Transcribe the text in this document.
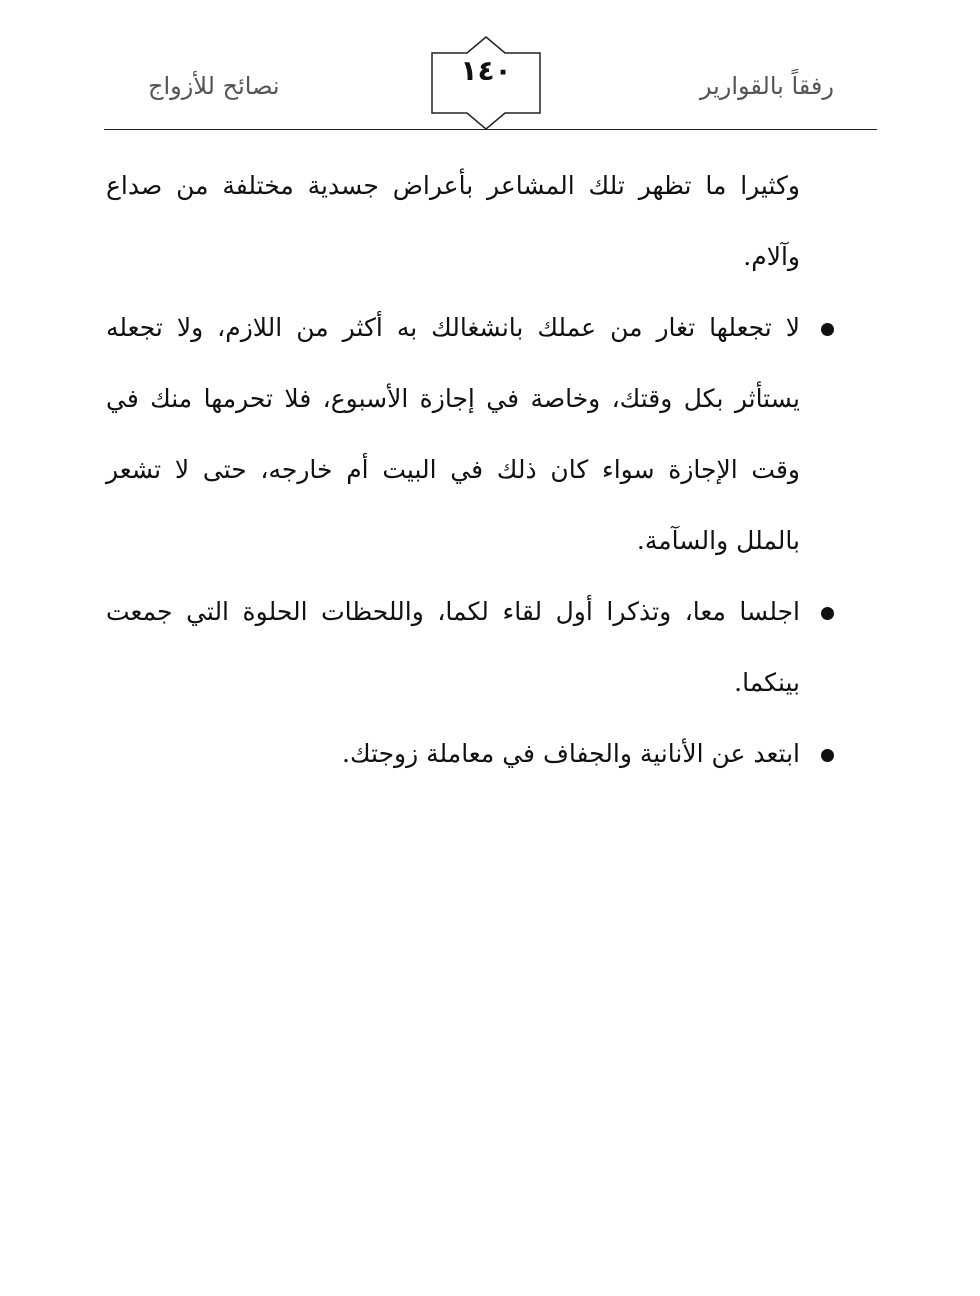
نصائح للأزواج	١٤٠	رفقاً بالقوارير

وكثيرا ما تظهر تلك المشاعر بأعراض جسدية مختلفة من صداع وآلام.

لا تجعلها تغار من عملك بانشغالك به أكثر من اللازم، ولا تجعله يستأثر بكل وقتك، وخاصة في إجازة الأسبوع، فلا تحرمها منك في وقت الإجازة سواء كان ذلك في البيت أم خارجه، حتى لا تشعر بالملل والسآمة.

اجلسا معا، وتذكرا أول لقاء لكما، واللحظات الحلوة التي جمعت بينكما.

ابتعد عن الأنانية والجفاف في معاملة زوجتك.
